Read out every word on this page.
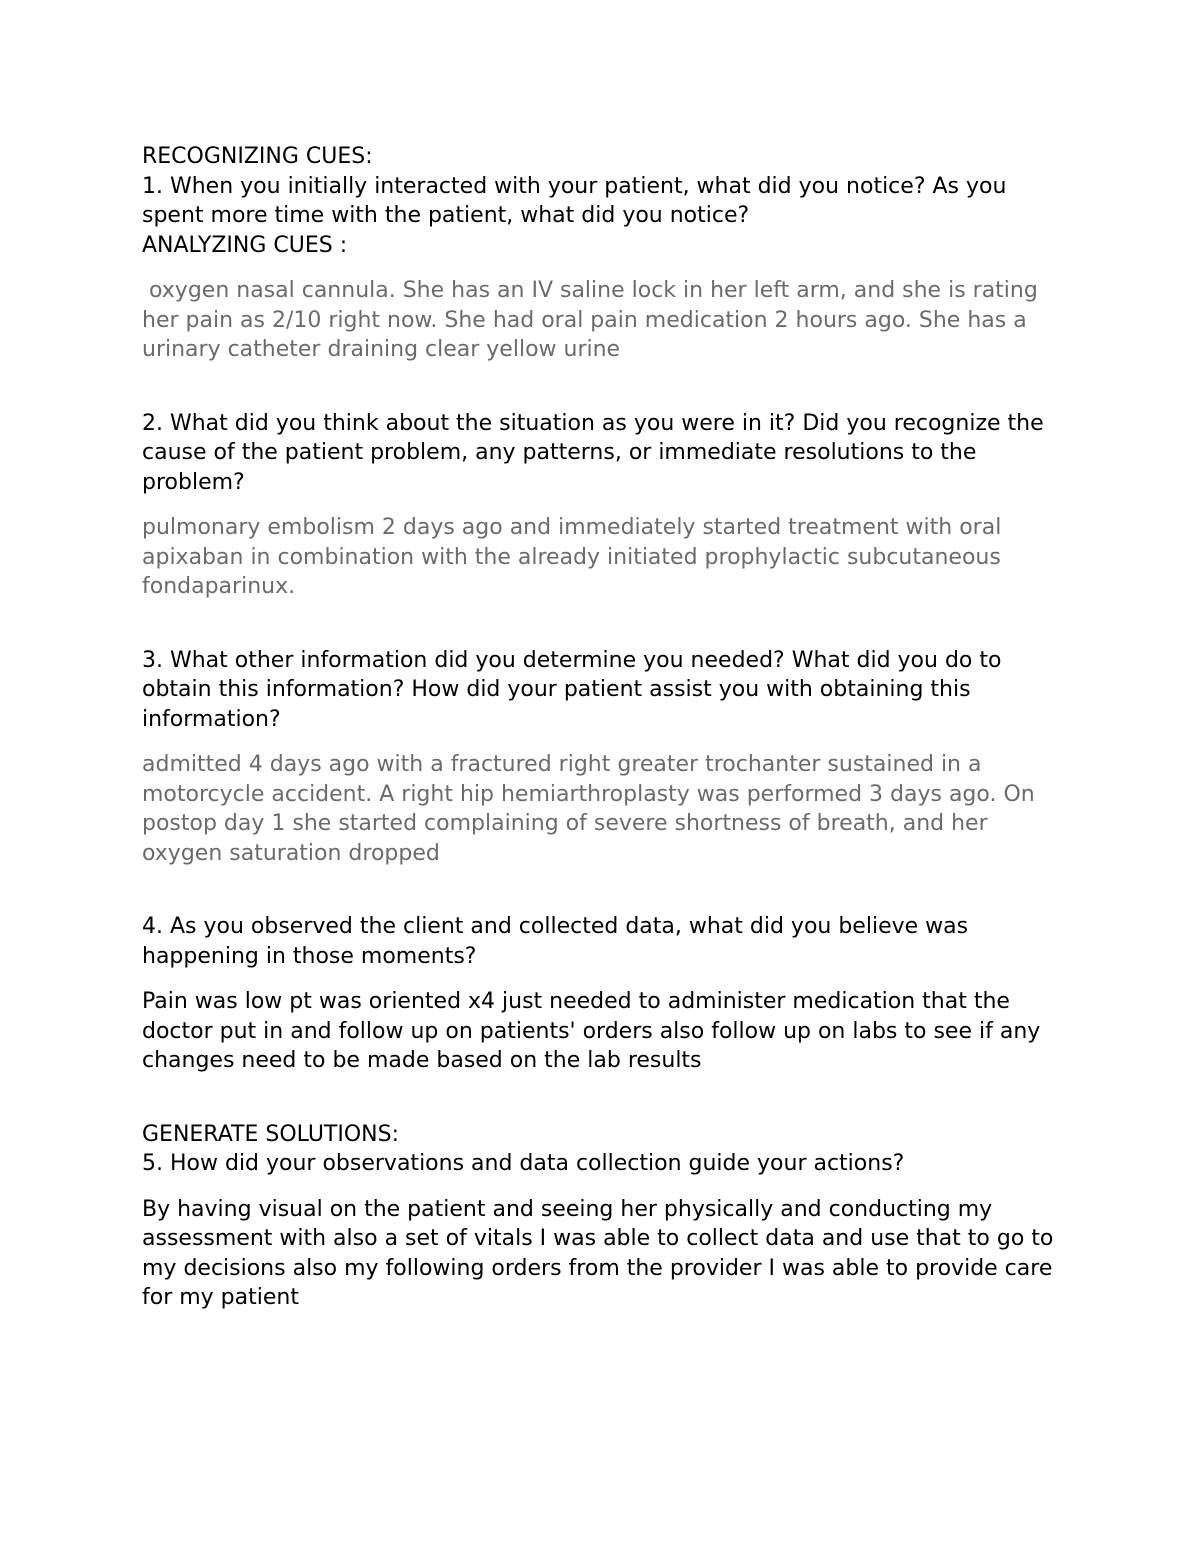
RECOGNIZING CUES:
1. When you initially interacted with your patient, what did you notice? As you spent more time with the patient, what did you notice?
ANALYZING CUES :
oxygen nasal cannula. She has an IV saline lock in her left arm, and she is rating her pain as 2/10 right now. She had oral pain medication 2 hours ago. She has a urinary catheter draining clear yellow urine
2. What did you think about the situation as you were in it? Did you recognize the cause of the patient problem, any patterns, or immediate resolutions to the
problem?
pulmonary embolism 2 days ago and immediately started treatment with oral apixaban in combination with the already initiated prophylactic subcutaneous fondaparinux.
3. What other information did you determine you needed? What did you do to obtain this information? How did your patient assist you with obtaining this information?
admitted 4 days ago with a fractured right greater trochanter sustained in a motorcycle accident. A right hip hemiarthroplasty was performed 3 days ago. On postop day 1 she started complaining of severe shortness of breath, and her oxygen saturation dropped
4. As you observed the client and collected data, what did you believe was happening in those moments?
Pain was low pt was oriented x4 just needed to administer medication that the doctor put in and follow up on patients' orders also follow up on labs to see if any changes need to be made based on the lab results
GENERATE SOLUTIONS:
5. How did your observations and data collection guide your actions?
By having visual on the patient and seeing her physically and conducting my assessment with also a set of vitals I was able to collect data and use that to go to my decisions also my following orders from the provider I was able to provide care for my patient
